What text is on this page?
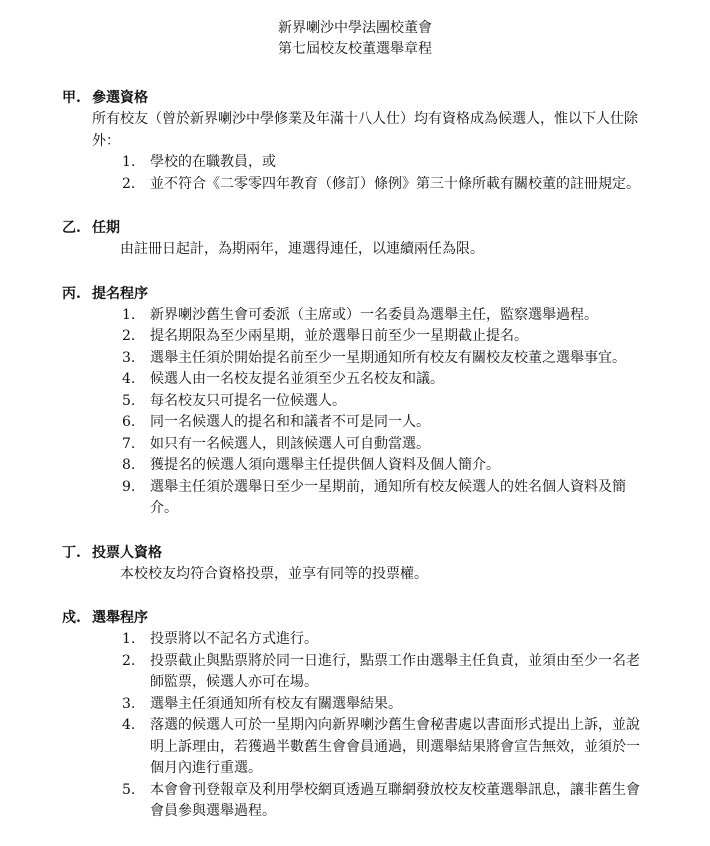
新界喇沙中學法團校董會
第七屆校友校董選舉章程
甲. 參選資格
所有校友（曾於新界喇沙中學修業及年滿十八人仕）均有資格成為候選人，惟以下人仕除外：
1.	學校的在職教員，或
2.	並不符合《二零零四年教育（修訂）條例》第三十條所載有關校董的註冊規定。
乙. 任期
由註冊日起計，為期兩年，連選得連任，以連續兩任為限。
丙. 提名程序
1.	新界喇沙舊生會可委派（主席或）一名委員為選舉主任，監察選舉過程。
2.	提名期限為至少兩星期，並於選舉日前至少一星期截止提名。
3.	選舉主任須於開始提名前至少一星期通知所有校友有關校友校董之選舉事宜。
4.	候選人由一名校友提名並須至少五名校友和議。
5.	每名校友只可提名一位候選人。
6.	同一名候選人的提名和和議者不可是同一人。
7.	如只有一名候選人，則該候選人可自動當選。
8.	獲提名的候選人須向選舉主任提供個人資料及個人簡介。
9.	選舉主任須於選舉日至少一星期前，通知所有校友候選人的姓名個人資料及簡介。
丁. 投票人資格
本校校友均符合資格投票，並享有同等的投票權。
戍. 選舉程序
1.	投票將以不記名方式進行。
2.	投票截止與點票將於同一日進行，點票工作由選舉主任負責，並須由至少一名老師監票，候選人亦可在場。
3.	選舉主任須通知所有校友有關選舉結果。
4.	落選的候選人可於一星期內向新界喇沙舊生會秘書處以書面形式提出上訴，並說明上訴理由，若獲過半數舊生會會員通過，則選舉結果將會宣告無效，並須於一個月內進行重選。
5.	本會會刊登報章及利用學校網頁透過互聯網發放校友校董選舉訊息，讓非舊生會會員參與選舉過程。
